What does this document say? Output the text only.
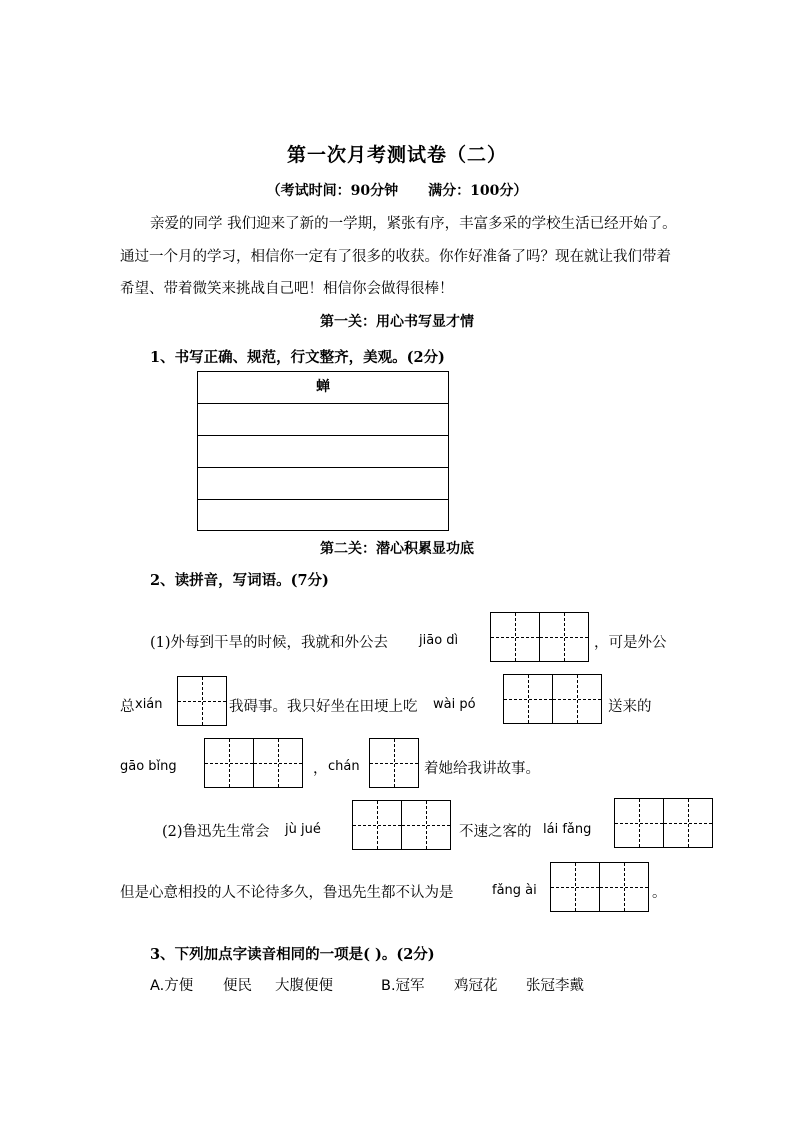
第一次月考测试卷（二）
（考试时间：90分钟 满分：100分）
亲爱的同学 我们迎来了新的一学期，紧张有序，丰富多采的学校生活已经开始了。
通过一个月的学习，相信你一定有了很多的收获。你作好准备了吗？现在就让我们带着
希望、带着微笑来挑战自己吧！相信你会做得很棒！
第一关：用心书写显才情
1、书写正确、规范，行文整齐，美观。(2分)
蝉
第二关：潜心积累显功底
2、读拼音，写词语。(7分)
(1)外每到干旱的时候，我就和外公去 jiāo dì	，可是外公
总 xián	我碍事。我只好坐在田埂上吃 wài pó	送来的
gāo bǐng	， chán	着她给我讲故事。
(2)鲁迅先生常会 jù jué	不速之客的 lái fǎng
但是心意相投的人不论待多久，鲁迅先生都不认为是	fǎng ài	。
3、下列加点字读音相同的一项是( )。(2分)
A.方便 便民 大腹便便	B.冠军 鸡冠花 张冠李戴
